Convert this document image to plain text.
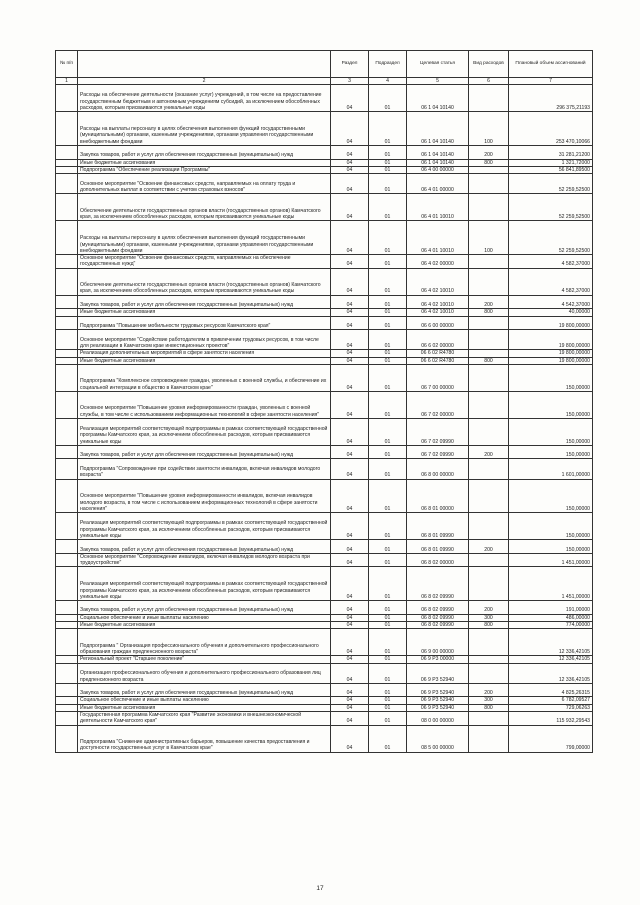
№ п/п		Раздел	Подраздел	Целевая статья	Вид расходов	Плановый объем ассигнований
1	2	3	4	5	6	7
	Расходы на обеспечение деятельности (оказание услуг) учреждений, в том числе на предоставление государственным бюджетным и автономным учреждениям субсидий, за исключением обособленных расходов, которым присваиваются уникальные коды	04	01	06 1 04 10140		296 375,21193
	Расходы на выплаты персоналу в целях обеспечения выполнения функций государственными (муниципальными) органами, казенными учреждениями, органами управления государственными внебюджетными фондами	04	01	06 1 04 10140	100	253 470,10066
	Закупка товаров, работ и услуг для обеспечения государственных (муниципальных) нужд	04	01	06 1 04 10140	200	31 281,21200
	Иные бюджетные ассигнования	04	01	06 1 04 10140	800	1 321,72000
	Подпрограмма "Обеспечение реализации Программы"	04	01	06 4 00 00000		56 841,89500
	Основное мероприятие "Освоение финансовых средств, направляемых на оплату труда и дополнительных выплат в соответствии с учетом страховых взносов"	04	01	06 4 01 00000		52 259,52500
	Обеспечение деятельности государственных органов власти (государственных органов) Камчатского края, за исключением обособленных расходов, которым присваиваются уникальные коды	04	01	06 4 01 10010		52 259,52500
	Расходы на выплаты персоналу в целях обеспечения выполнения функций государственными (муниципальными) органами, казенными учреждениями, органами управления государственными внебюджетными фондами	04	01	06 4 01 10010	100	52 259,52500
	Основное мероприятие "Освоение финансовых средств, направляемых на обеспечение государственных нужд"	04	01	06 4 02 00000		4 582,37000
	Обеспечение деятельности государственных органов власти (государственных органов) Камчатского края, за исключением обособленных расходов, которым присваиваются уникальные коды	04	01	06 4 02 10010		4 582,37000
	Закупка товаров, работ и услуг для обеспечения государственных (муниципальных) нужд	04	01	06 4 02 10010	200	4 542,37000
	Иные бюджетные ассигнования	04	01	06 4 02 10010	800	40,00000
	Подпрограмма "Повышение мобильности трудовых ресурсов Камчатского края"	04	01	06 6 00 00000		19 800,00000
	Основное мероприятие "Содействие работодателям в привлечении трудовых ресурсов, в том числе для реализации в Камчатском крае инвестиционных проектов"	04	01	06 6 02 00000		19 800,00000
	Реализация дополнительных мероприятий в сфере занятости населения	04	01	06 6 02 R4780		19 800,00000
	Иные бюджетные ассигнования	04	01	06 6 02 R4780	800	19 800,00000
	Подпрограмма "Комплексное сопровождение граждан, уволенных с военной службы, и обеспечение их социальной интеграции в общество в Камчатском крае"	04	01	06 7 00 00000		150,00000
	Основное мероприятие "Повышение уровня информированности граждан, уволенных с военной службы, в том числе с использованием информационных технологий в сфере занятости населения"	04	01	06 7 02 00000		150,00000
	Реализация мероприятий соответствующей подпрограммы в рамках соответствующей государственной программы Камчатского края, за исключением обособленных расходов, которым присваиваются уникальные коды	04	01	06 7 02 09990		150,00000
	Закупка товаров, работ и услуг для обеспечения государственных (муниципальных) нужд	04	01	06 7 02 09990	200	150,00000
	Подпрограмма "Сопровождение при содействии занятости инвалидов, включая инвалидов молодого возраста"	04	01	06 8 00 00000		1 601,00000
	Основное мероприятие "Повышение уровня информированности инвалидов, включая инвалидов молодого возраста, в том числе с использованием информационных технологий в сфере занятости населения"	04	01	06 8 01 00000		150,00000
	Реализация мероприятий соответствующей подпрограммы в рамках соответствующей государственной программы Камчатского края, за исключением обособленных расходов, которым присваиваются уникальные коды	04	01	06 8 01 09990		150,00000
	Закупка товаров, работ и услуг для обеспечения государственных (муниципальных) нужд	04	01	06 8 01 09990	200	150,00000
	Основное мероприятие "Сопровождение инвалидов, включая инвалидов молодого возраста при трудоустройстве"	04	01	06 8 02 00000		1 451,00000
	Реализация мероприятий соответствующей подпрограммы в рамках соответствующей государственной программы Камчатского края, за исключением обособленных расходов, которым присваиваются уникальные коды	04	01	06 8 02 09990		1 451,00000
	Закупка товаров, работ и услуг для обеспечения государственных (муниципальных) нужд	04	01	06 8 02 09990	200	191,00000
	Социальное обеспечение и иные выплаты населению	04	01	06 8 02 09990	300	486,00000
	Иные бюджетные ассигнования	04	01	06 8 02 09990	800	774,00000
	Подпрограмма " Организация профессионального обучения и дополнительного профессионального образования граждан предпенсионного возраста"	04	01	06 9 00 00000		12 336,42105
	Региональный проект "Старшее поколение"	04	01	06 9 P3 00000		12 336,42105
	Организация профессионального обучения и дополнительного профессионального образования лиц предпенсионного возраста	04	01	06 9 P3 52940		12 336,42105
	Закупка товаров, работ и услуг для обеспечения государственных (муниципальных) нужд	04	01	06 9 P3 52940	200	4 825,26315
	Социальное обеспечение и иные выплаты населению	04	01	06 9 P3 52940	300	6 782,09527
	Иные бюджетные ассигнования	04	01	06 9 P3 52940	800	729,06263
	Государственная программа Камчатского края "Развитие экономики и внешнеэкономической деятельности Камчатского края"	04	01	08 0 00 00000		115 932,29543
	Подпрограмма "Снижение административных барьеров, повышение качества предоставления и доступности государственных услуг в Камчатском крае"	04	01	08 5 00 00000		799,00000
17
